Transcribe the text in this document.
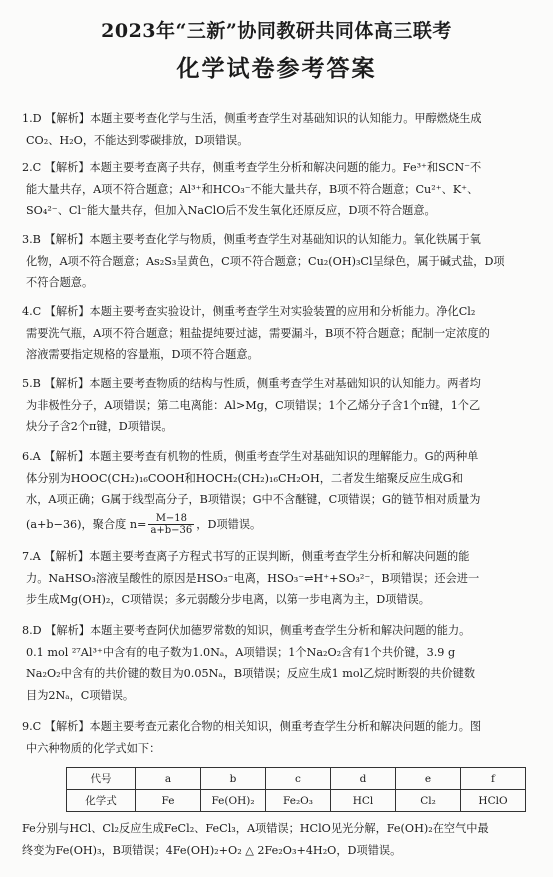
2023年“三新”协同教研共同体高三联考
化学试卷参考答案
1.D 【解析】本题主要考查化学与生活，侧重考查学生对基础知识的认知能力。甲醇燃烧生成
CO₂、H₂O，不能达到零碳排放，D项错误。
2.C 【解析】本题主要考查离子共存，侧重考查学生分析和解决问题的能力。Fe³⁺和SCN⁻不
能大量共存，A项不符合题意；Al³⁺和HCO₃⁻不能大量共存，B项不符合题意；Cu²⁺、K⁺、
SO₄²⁻、Cl⁻能大量共存，但加入NaClO后不发生氧化还原反应，D项不符合题意。
3.B 【解析】本题主要考查化学与物质，侧重考查学生对基础知识的认知能力。氧化铁属于氧
化物，A项不符合题意；As₂S₃呈黄色，C项不符合题意；Cu₂(OH)₃Cl呈绿色，属于碱式盐，D项
不符合题意。
4.C 【解析】本题主要考查实验设计，侧重考查学生对实验装置的应用和分析能力。净化Cl₂
需要洗气瓶，A项不符合题意；粗盐提纯要过滤，需要漏斗，B项不符合题意；配制一定浓度的
溶液需要指定规格的容量瓶，D项不符合题意。
5.B 【解析】本题主要考查物质的结构与性质，侧重考查学生对基础知识的认知能力。两者均
为非极性分子，A项错误；第二电离能：Al>Mg，C项错误；1个乙烯分子含1个π键，1个乙
炔分子含2个π键，D项错误。
6.A 【解析】本题主要考查有机物的性质，侧重考查学生对基础知识的理解能力。G的两种单
体分别为HOOC(CH₂)₁₆COOH和HOCH₂(CH₂)₁₆CH₂OH，二者发生缩聚反应生成G和
水，A项正确；G属于线型高分子，B项错误；G中不含醚键，C项错误；G的链节相对质量为
(a+b−36)，聚合度 $n= \frac{M-18}{a+b-36}$ ，D项错误。
7.A 【解析】本题主要考查离子方程式书写的正误判断，侧重考查学生分析和解决问题的能
力。NaHSO₃溶液呈酸性的原因是HSO₃⁻电离，HSO₃⁻⇌H⁺+SO₃²⁻，B项错误；还会进一
步生成Mg(OH)₂，C项错误；多元弱酸分步电离，以第一步电离为主，D项错误。
8.D 【解析】本题主要考查阿伏加德罗常数的知识，侧重考查学生分析和解决问题的能力。
0.1 mol ²⁷Al³⁺中含有的电子数为1.0Nₐ，A项错误；1个Na₂O₂含有1个共价键，3.9 g
Na₂O₂中含有的共价键的数目为0.05Nₐ，B项错误；反应生成1 mol乙烷时断裂的共价键数
目为2Nₐ，C项错误。
9.C 【解析】本题主要考查元素化合物的相关知识，侧重考查学生分析和解决问题的能力。图
中六种物质的化学式如下：
代号	a	b	c	d	e	f
化学式	Fe	Fe(OH)₂	Fe₂O₃	HCl	Cl₂	HClO
Fe分别与HCl、Cl₂反应生成FeCl₂、FeCl₃，A项错误；HClO见光分解，Fe(OH)₂在空气中最
终变为Fe(OH)₃，B项错误；4Fe(OH)₂+O₂ △ 2Fe₂O₃+4H₂O，D项错误。
